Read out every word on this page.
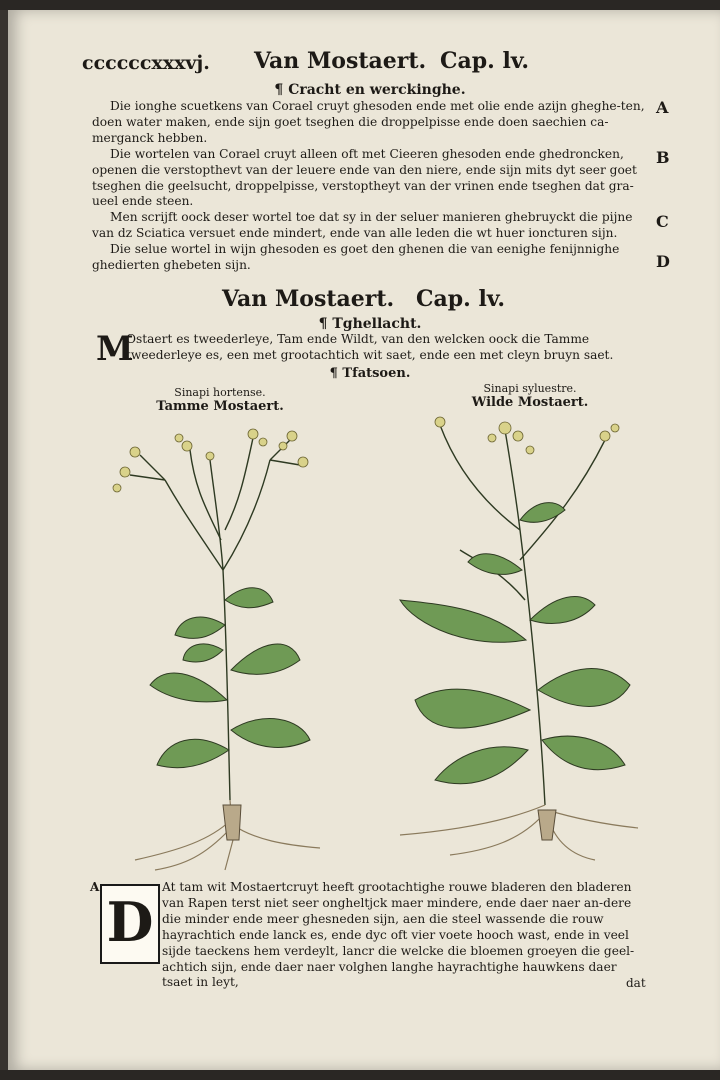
ccccccxxxvj. Van Mostaert. Cap. lv.
¶ Cracht en werckinghe.

Die ionghe scuetkens van Corael cruyt ghesoden ende met olie ende azijn gheghe-ten, doen water maken, ende sijn goet tseghen die droppelpisse ende doen saechien ca-merganck hebben.

Die wortelen van Corael cruyt alleen oft met Cieeren ghesoden ende ghedroncken, openen die verstopthevt van der leuere ende van den niere, ende sijn mits dyt seer goet tseghen die geelsucht, droppelpisse, verstoptheyt van der vrinen ende tseghen dat gra-ueel ende steen.

Men scrijft oock deser wortel toe dat sy in der seluer manieren ghebruyckt die pijne van dz Sciatica versuet ende mindert, ende van alle leden die wt huer ioncturen sijn.

Die selue wortel in wijn ghesoden es goet den ghenen die van eenighe fenijnnighe ghedierten ghebeten sijn.

A
B
C
D
Van Mostaert. Cap. lv.
¶ Tghellacht.
M

Ostaert es tweederleye, Tam ende Wildt, van den welcken oock die Tamme tweederleye es, een met grootachtich wit saet, ende een met cleyn bruyn saet.

¶ Tfatsoen.
Sinapi hortense.
Tamme Mostaert.
Sinapi syluestre.
Wilde Mostaert.
A
D

At tam wit Mostaertcruyt heeft grootachtighe rouwe bladeren den bladeren van Rapen terst niet seer ongheltjck maer mindere, ende daer naer an-dere die minder ende meer ghesneden sijn, aen die steel wassende die rouw hayrachtich ende lanck es, ende dyc oft vier voete hooch wast, ende in veel sijde taeckens hem verdeylt, lancr die welcke die bloemen groeyen die geel-achtich sijn, ende daer naer volghen langhe hayrachtighe hauwkens daer tsaet in leyt,	dat
